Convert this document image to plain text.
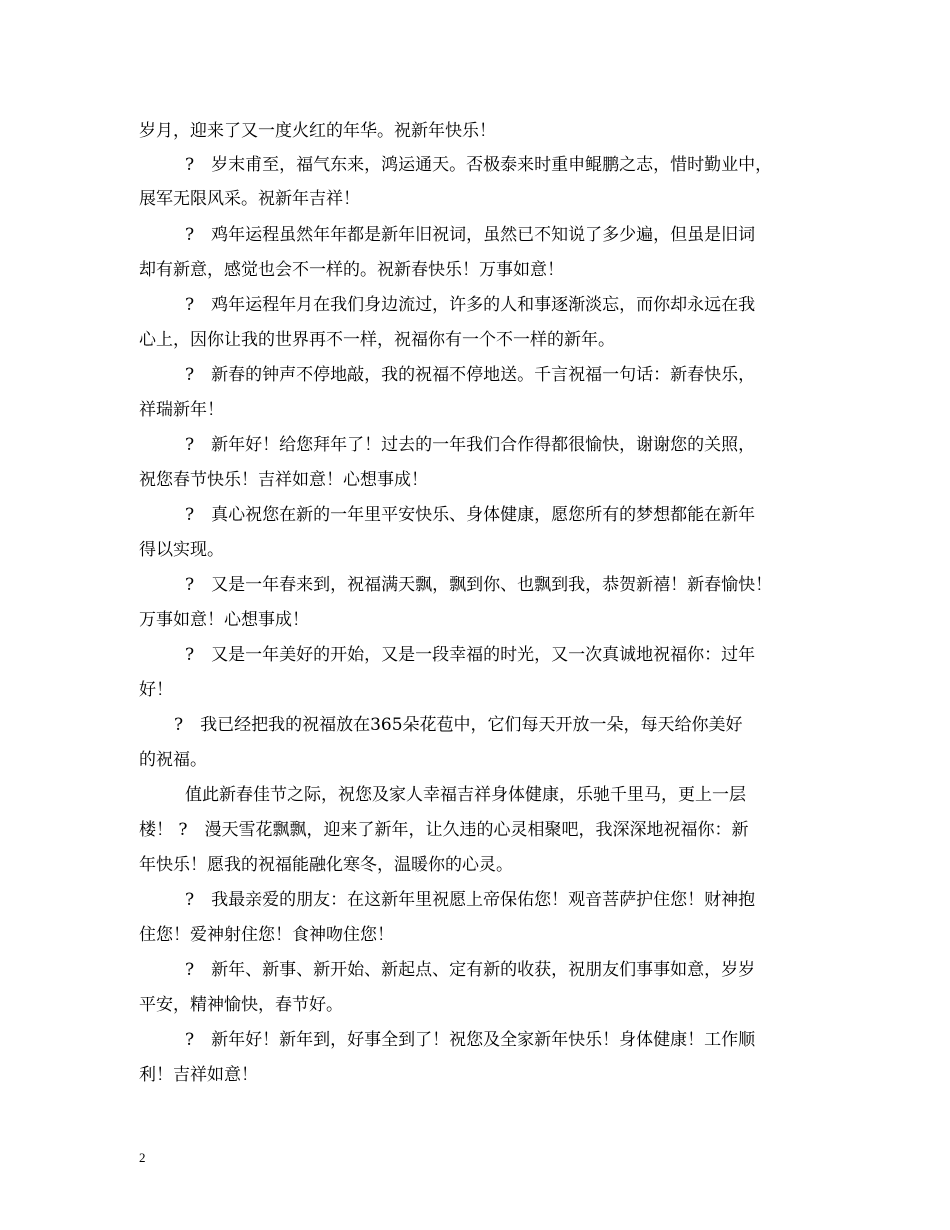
岁月，迎来了又一度火红的年华。祝新年快乐！
?　岁末甫至，福气东来，鸿运通天。否极泰来时重申鲲鹏之志，惜时勤业中，
展军无限风采。祝新年吉祥！
?　鸡年运程虽然年年都是新年旧祝词，虽然已不知说了多少遍，但虽是旧词
却有新意，感觉也会不一样的。祝新春快乐！万事如意！
?　鸡年运程年月在我们身边流过，许多的人和事逐渐淡忘，而你却永远在我
心上，因你让我的世界再不一样，祝福你有一个不一样的新年。
?　新春的钟声不停地敲，我的祝福不停地送。千言祝福一句话：新春快乐，
祥瑞新年！
?　新年好！给您拜年了！过去的一年我们合作得都很愉快，谢谢您的关照，
祝您春节快乐！吉祥如意！心想事成！
?　真心祝您在新的一年里平安快乐、身体健康，愿您所有的梦想都能在新年
得以实现。
?　又是一年春来到，祝福满天飘，飘到你、也飘到我，恭贺新禧！新春愉快！
万事如意！心想事成！
?　又是一年美好的开始，又是一段幸福的时光，又一次真诚地祝福你：过年
好！
?　我已经把我的祝福放在365朵花苞中，它们每天开放一朵，每天给你美好
的祝福。
值此新春佳节之际，祝您及家人幸福吉祥身体健康，乐驰千里马，更上一层
楼！ ?　漫天雪花飘飘，迎来了新年，让久违的心灵相聚吧，我深深地祝福你：新
年快乐！愿我的祝福能融化寒冬，温暖你的心灵。
?　我最亲爱的朋友：在这新年里祝愿上帝保佑您！观音菩萨护住您！财神抱
住您！爱神射住您！食神吻住您！
?　新年、新事、新开始、新起点、定有新的收获，祝朋友们事事如意，岁岁
平安，精神愉快，春节好。
?　新年好！新年到，好事全到了！祝您及全家新年快乐！身体健康！工作顺
利！吉祥如意！
2
